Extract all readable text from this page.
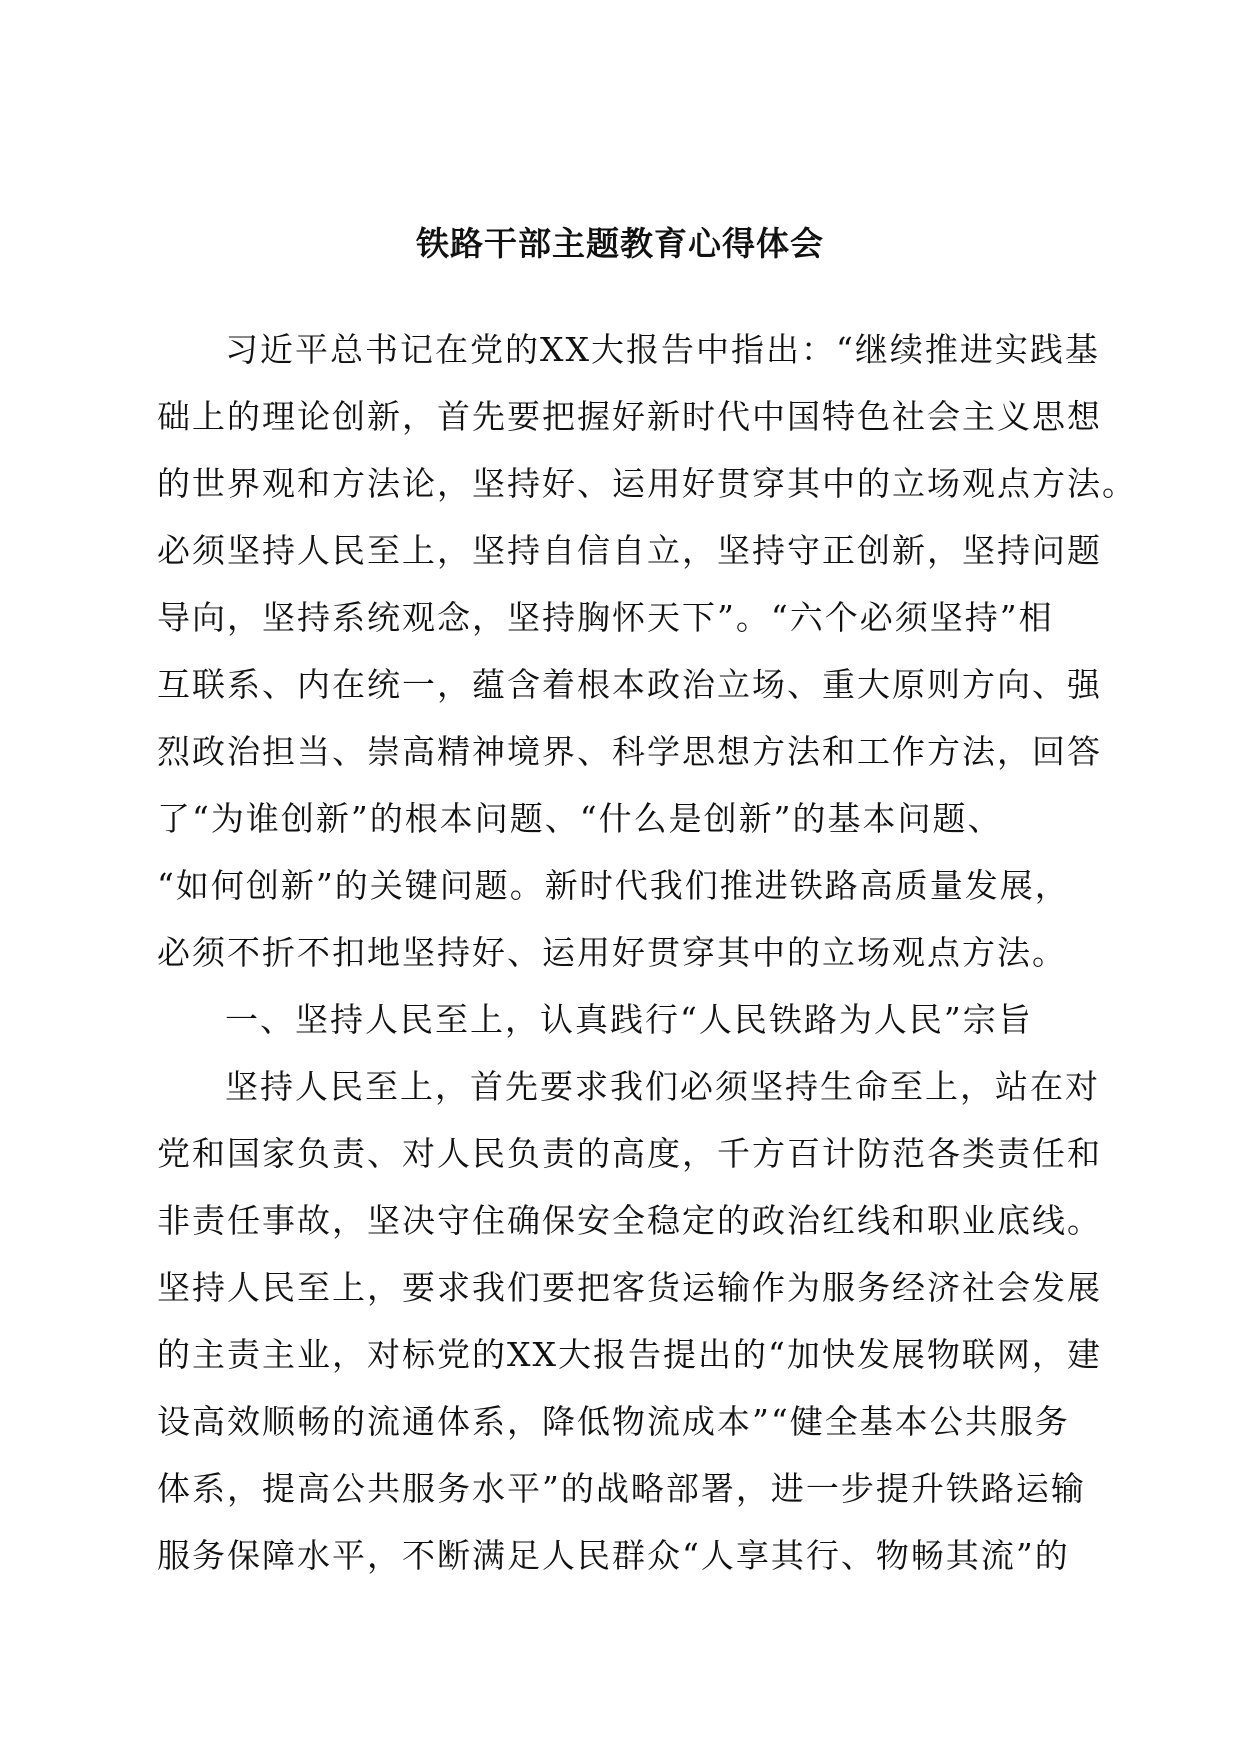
铁路干部主题教育心得体会
习近平总书记在党的XX大报告中指出：“继续推进实践基
础上的理论创新，首先要把握好新时代中国特色社会主义思想
的世界观和方法论，坚持好、运用好贯穿其中的立场观点方法。
必须坚持人民至上，坚持自信自立，坚持守正创新，坚持问题
导向，坚持系统观念，坚持胸怀天下”。“六个必须坚持”相
互联系、内在统一，蕴含着根本政治立场、重大原则方向、强
烈政治担当、崇高精神境界、科学思想方法和工作方法，回答
了“为谁创新”的根本问题、“什么是创新”的基本问题、
“如何创新”的关键问题。新时代我们推进铁路高质量发展，
必须不折不扣地坚持好、运用好贯穿其中的立场观点方法。
一、坚持人民至上，认真践行“人民铁路为人民”宗旨
坚持人民至上，首先要求我们必须坚持生命至上，站在对
党和国家负责、对人民负责的高度，千方百计防范各类责任和
非责任事故，坚决守住确保安全稳定的政治红线和职业底线。
坚持人民至上，要求我们要把客货运输作为服务经济社会发展
的主责主业，对标党的XX大报告提出的“加快发展物联网，建
设高效顺畅的流通体系，降低物流成本”“健全基本公共服务
体系，提高公共服务水平”的战略部署，进一步提升铁路运输
服务保障水平，不断满足人民群众“人享其行、物畅其流”的
